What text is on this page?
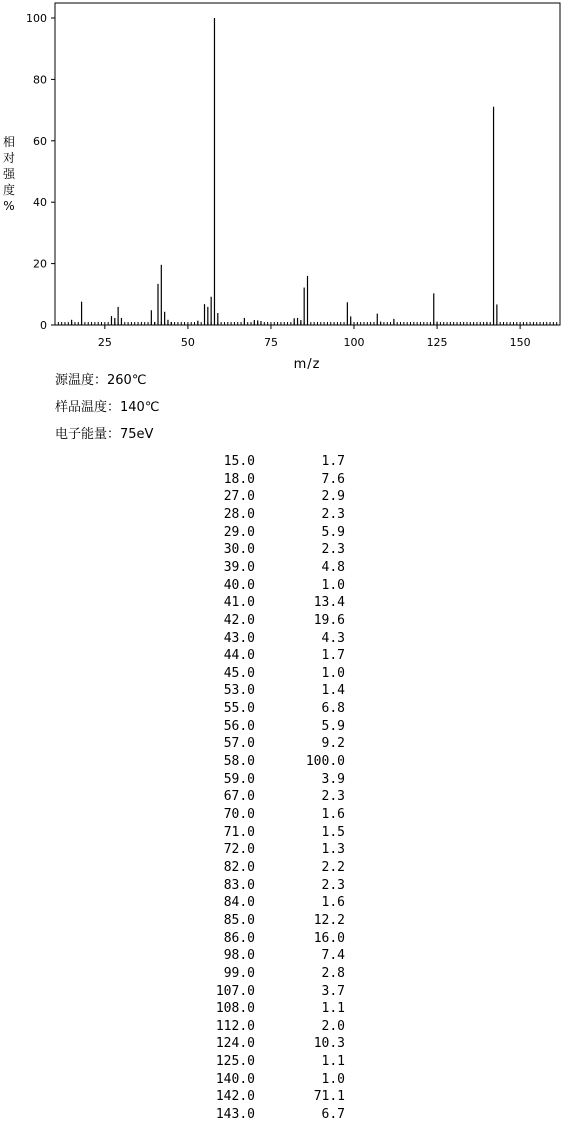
0
20
40
60
80
100
25	50	75	100	125	150
m/z
相
对
强
度
%
源温度：260℃
样品温度：140℃
电子能量：75eV
15.0	1.7
18.0	7.6
27.0	2.9
28.0	2.3
29.0	5.9
30.0	2.3
39.0	4.8
40.0	1.0
41.0	13.4
42.0	19.6
43.0	4.3
44.0	1.7
45.0	1.0
53.0	1.4
55.0	6.8
56.0	5.9
57.0	9.2
58.0	100.0
59.0	3.9
67.0	2.3
70.0	1.6
71.0	1.5
72.0	1.3
82.0	2.2
83.0	2.3
84.0	1.6
85.0	12.2
86.0	16.0
98.0	7.4
99.0	2.8
107.0	3.7
108.0	1.1
112.0	2.0
124.0	10.3
125.0	1.1
140.0	1.0
142.0	71.1
143.0	6.7
